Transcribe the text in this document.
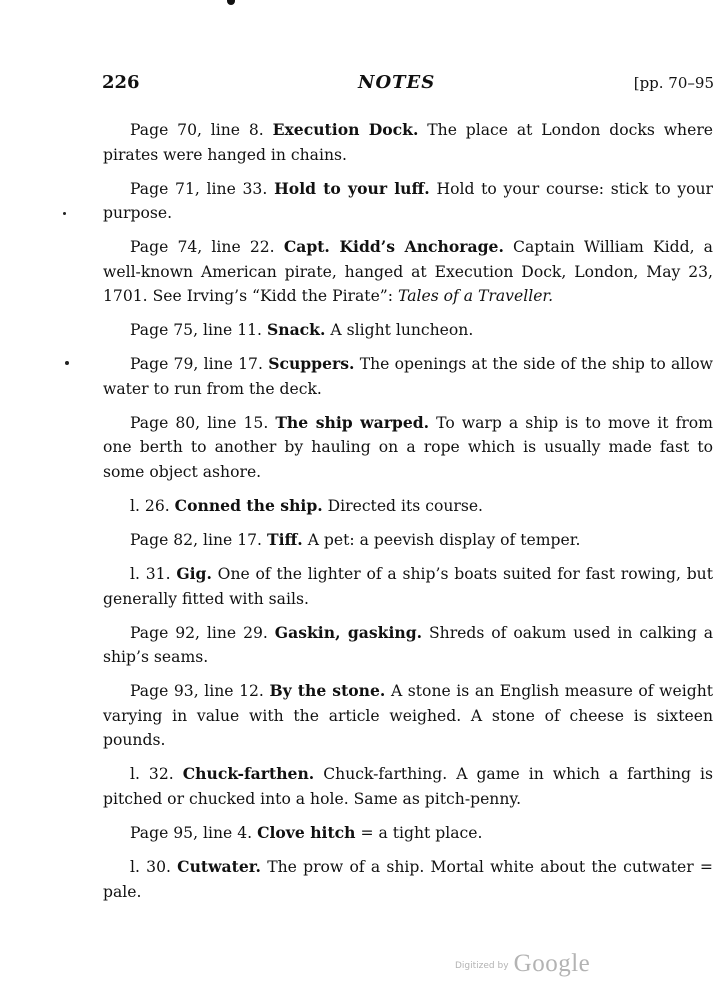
226	NOTES	[pp. 70–95

Page 70, line 8. Execution Dock. The place at London docks where pirates were hanged in chains.

Page 71, line 33. Hold to your luff. Hold to your course: stick to your purpose.

Page 74, line 22. Capt. Kidd’s Anchorage. Captain William Kidd, a well-known American pirate, hanged at Execution Dock, London, May 23, 1701. See Irving’s “Kidd the Pirate”: Tales of a Traveller.

Page 75, line 11. Snack. A slight luncheon.

Page 79, line 17. Scuppers. The openings at the side of the ship to allow water to run from the deck.

Page 80, line 15. The ship warped. To warp a ship is to move it from one berth to another by hauling on a rope which is usually made fast to some object ashore.

l. 26. Conned the ship. Directed its course.

Page 82, line 17. Tiff. A pet: a peevish display of temper.

l. 31. Gig. One of the lighter of a ship’s boats suited for fast rowing, but generally fitted with sails.

Page 92, line 29. Gaskin, gasking. Shreds of oakum used in calking a ship’s seams.

Page 93, line 12. By the stone. A stone is an English measure of weight varying in value with the article weighed. A stone of cheese is sixteen pounds.

l. 32. Chuck-farthen. Chuck-farthing. A game in which a farthing is pitched or chucked into a hole. Same as pitch-penny.

Page 95, line 4. Clove hitch = a tight place.

l. 30. Cutwater. The prow of a ship. Mortal white about the cutwater = pale.

Digitized by Google
